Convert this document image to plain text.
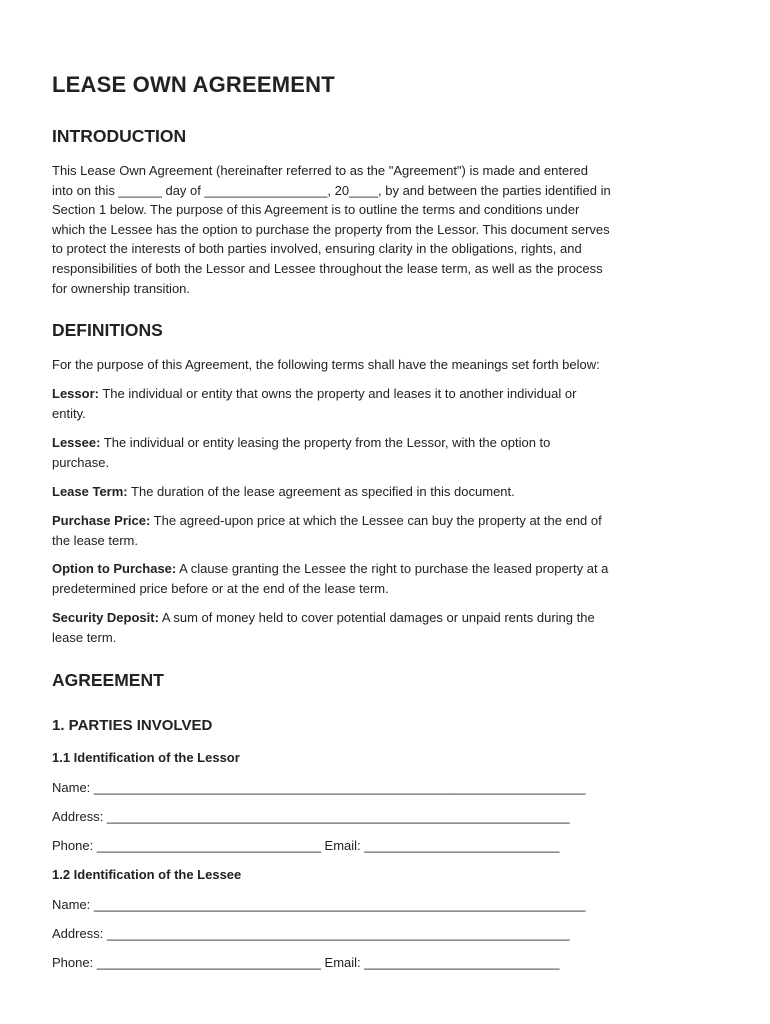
LEASE OWN AGREEMENT
INTRODUCTION
This Lease Own Agreement (hereinafter referred to as the "Agreement") is made and entered
into on this ______ day of _________________, 20____, by and between the parties identified in
Section 1 below. The purpose of this Agreement is to outline the terms and conditions under
which the Lessee has the option to purchase the property from the Lessor. This document serves
to protect the interests of both parties involved, ensuring clarity in the obligations, rights, and
responsibilities of both the Lessor and Lessee throughout the lease term, as well as the process
for ownership transition.
DEFINITIONS

For the purpose of this Agreement, the following terms shall have the meanings set forth below:

Lessor: The individual or entity that owns the property and leases it to another individual or
entity.
Lessee: The individual or entity leasing the property from the Lessor, with the option to
purchase.
Lease Term: The duration of the lease agreement as specified in this document.
Purchase Price: The agreed-upon price at which the Lessee can buy the property at the end of
the lease term.
Option to Purchase: A clause granting the Lessee the right to purchase the leased property at a
predetermined price before or at the end of the lease term.
Security Deposit: A sum of money held to cover potential damages or unpaid rents during the
lease term.
AGREEMENT
1. PARTIES INVOLVED
1.1 Identification of the Lessor

Name: ____________________________________________________________________

Address: ________________________________________________________________

Phone: _______________________________ Email: ___________________________

1.2 Identification of the Lessee

Name: ____________________________________________________________________

Address: ________________________________________________________________

Phone: _______________________________ Email: ___________________________
